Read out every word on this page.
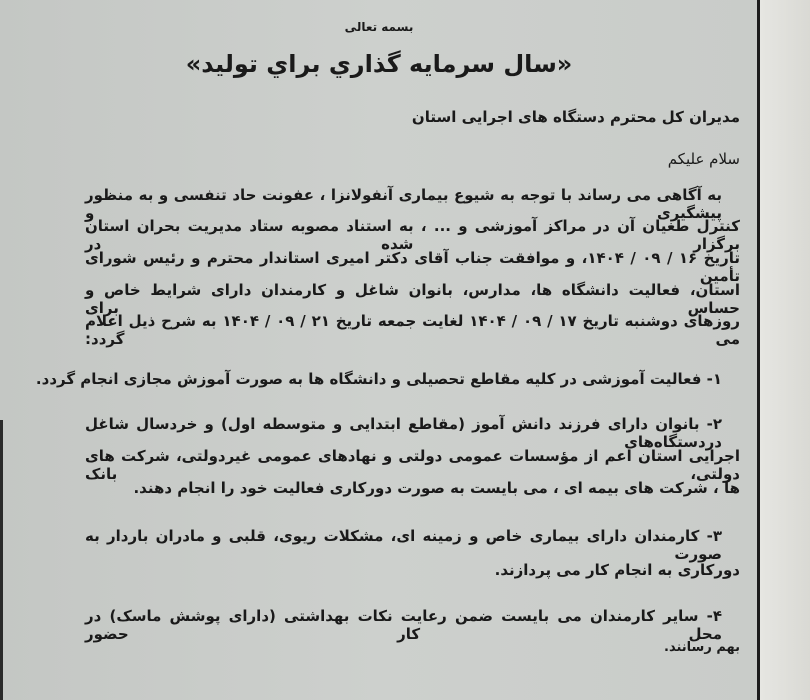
بسمه تعالی
«سال سرمایه گذاري براي توليد»
مدیران کل محترم دستگاه های اجرایی استان
سلام علیکم
به آگاهی می رساند با توجه به شیوع بیماری آنفولانزا ، عفونت حاد تنفسی و به منظور پیشگیری و
کنترل طغیان آن در مراکز آموزشی و ... ، به استناد مصوبه ستاد مدیریت بحران استان برگزار شده در
تاریخ ۱۶ / ۰۹ / ۱۴۰۴، و موافقت جناب آقای دکتر امیری استاندار محترم و رئیس شورای تأمین
استان، فعالیت دانشگاه ها، مدارس، بانوان شاغل و کارمندان دارای شرایط خاص و حساس برای
روزهای دوشنبه تاریخ ۱۷ / ۰۹ / ۱۴۰۴ لغایت جمعه تاریخ ۲۱ / ۰۹ / ۱۴۰۴ به شرح ذیل اعلام می گردد:
۱- فعالیت آموزشی در کلیه مقاطع تحصیلی و دانشگاه ها به صورت آموزش مجازی انجام گردد.
۲- بانوان دارای فرزند دانش آموز (مقاطع ابتدایی و متوسطه اول) و خردسال شاغل دردستگاه‌های
اجرایی استان اعم از مؤسسات عمومی دولتی و نهادهای عمومی غیردولتی، شرکت های دولتی، بانک
ها ، شرکت های بیمه ای ، می بایست به صورت دورکاری فعالیت خود را انجام دهند.
۳- کارمندان دارای بیماری خاص و زمینه ای، مشکلات ریوی، قلبی و مادران باردار به صورت
دورکاری به انجام کار می پردازند.
۴- سایر کارمندان می بایست ضمن رعایت نکات بهداشتی (دارای پوشش ماسک) در محل کار حضور
بهم رسانند.
